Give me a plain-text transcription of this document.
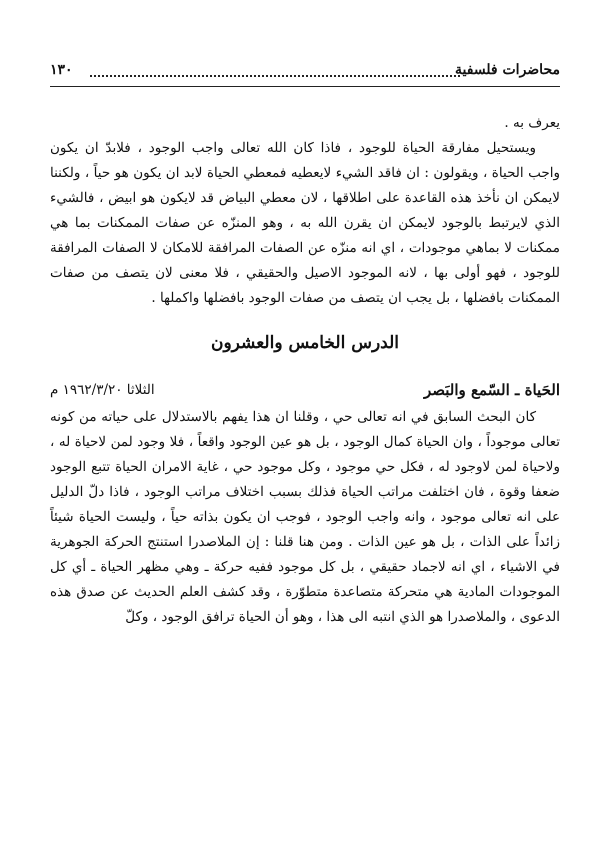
محاضرات فلسفية
١٣٠

يعرف به .

ويستحيل مفارقة الحياة للوجود ، فاذا كان الله تعالى واجب الوجود ، فلابدّ ان يكون واجب الحياة ، ويقولون : ان فاقد الشيء لايعطيه فمعطي الحياة لابد ان يكون هو حياً ، ولكننا لايمكن ان نأخذ هذه القاعدة على اطلاقها ، لان معطي البياض قد لايكون هو ابيض ، فالشيء الذي لايرتبط بالوجود لايمكن ان يقرن الله به ، وهو المنزّه عن صفات الممكنات بما هي ممكنات لا بماهي موجودات ، اي انه منزّه عن الصفات المرافقة للامكان لا الصفات المرافقة للوجود ، فهو أولى بها ، لانه الموجود الاصيل والحقيقي ، فلا معنى لان يتصف من صفات الممكنات بافضلها ، بل يجب ان يتصف من صفات الوجود بافضلها واكملها .

الدرس الخامس والعشرون
الحَياة ـ السّمع والبَصر
الثلاثا ١٩٦٢/٣/٢٠ م

كان البحث السابق في انه تعالى حي ، وقلنا ان هذا يفهم بالاستدلال على حياته من كونه تعالى موجوداً ، وان الحياة كمال الوجود ، بل هو عين الوجود واقعاً ، فلا وجود لمن لاحياة له ، ولاحياة لمن لاوجود له ، فكل حي موجود ، وكل موجود حي ، غاية الامران الحياة تتبع الوجود ضعفا وقوة ، فان اختلفت مراتب الحياة فذلك بسبب اختلاف مراتب الوجود ، فاذا دلّ الدليل على انه تعالى موجود ، وانه واجب الوجود ، فوجب ان يكون بذاته حياً ، وليست الحياة شيئاً زائداً على الذات ، بل هو عين الذات . ومن هنا قلنا : إن الملاصدرا استنتج الحركة الجوهرية في الاشياء ، اي انه لاجماد حقيقي ، بل كل موجود ففيه حركة ـ وهي مظهر الحياة ـ أي كل الموجودات المادية هي متحركة متصاعدة متطوّرة ، وقد كشف العلم الحديث عن صدق هذه الدعوى ، والملاصدرا هو الذي انتبه الى هذا ، وهو أن الحياة ترافق الوجود ، وكلّ
